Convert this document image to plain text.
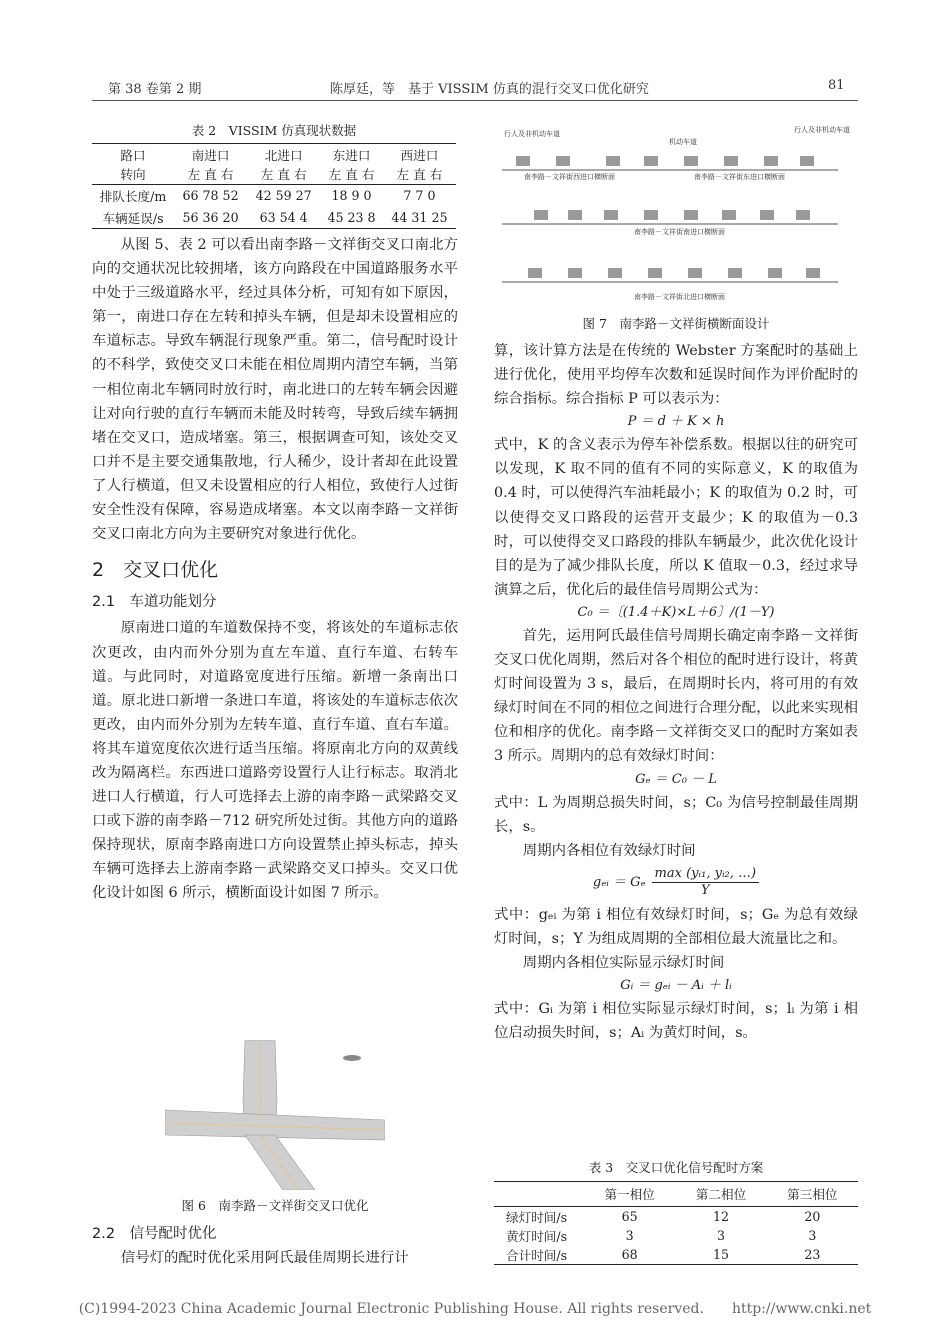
第 38 卷第 2 期	陈厚廷，等　基于 VISSIM 仿真的混行交叉口优化研究	81
表 2　VISSIM 仿真现状数据
路口	南进口	北进口	东进口	西进口
转向	左 直 右	左 直 右	左 直 右	左 直 右
排队长度/m	66 78 52	42 59 27	18 9 0	7 7 0
车辆延误/s	56 36 20	63 54 4	45 23 8	44 31 25

从图 5、表 2 可以看出南李路－文祥街交叉口南北方向的交通状况比较拥堵，该方向路段在中国道路服务水平中处于三级道路水平，经过具体分析，可知有如下原因，第一，南进口存在左转和掉头车辆，但是却未设置相应的车道标志。导致车辆混行现象严重。第二，信号配时设计的不科学，致使交叉口未能在相位周期内清空车辆，当第一相位南北车辆同时放行时，南北进口的左转车辆会因避让对向行驶的直行车辆而未能及时转弯，导致后续车辆拥堵在交叉口，造成堵塞。第三，根据调查可知，该处交叉口并不是主要交通集散地，行人稀少，设计者却在此设置了人行横道，但又未设置相应的行人相位，致使行人过街安全性没有保障，容易造成堵塞。本文以南李路－文祥街交叉口南北方向为主要研究对象进行优化。

2　交叉口优化
2.1　车道功能划分

原南进口道的车道数保持不变，将该处的车道标志依次更改，由内而外分别为直左车道、直行车道、右转车道。与此同时，对道路宽度进行压缩。新增一条南出口道。原北进口新增一条进口车道，将该处的车道标志依次更改，由内而外分别为左转车道、直行车道、直右车道。将其车道宽度依次进行适当压缩。将原南北方向的双黄线改为隔离栏。东西进口道路旁设置行人让行标志。取消北进口人行横道，行人可选择去上游的南李路－武梁路交叉口或下游的南李路－712 研究所处过街。其他方向的道路保持现状，原南李路南进口方向设置禁止掉头标志，掉头车辆可选择去上游南李路－武梁路交叉口掉头。交叉口优化设计如图 6 所示，横断面设计如图 7 所示。

图 6　南李路－文祥街交叉口优化
2.2　信号配时优化

信号灯的配时优化采用阿氏最佳周期长进行计

行人及非机动车道
机动车道
行人及非机动车道
南李路－文祥街西进口横断面	南李路－文祥街东进口横断面
南李路－文祥街南进口横断面
南李路－文祥街北进口横断面
图 7　南李路－文祥街横断面设计

算，该计算方法是在传统的 Webster 方案配时的基础上进行优化，使用平均停车次数和延误时间作为评价配时的综合指标。综合指标 P 可以表示为：

P ＝ d ＋ K × h

式中，K 的含义表示为停车补偿系数。根据以往的研究可以发现，K 取不同的值有不同的实际意义，K 的取值为 0.4 时，可以使得汽车油耗最小；K 的取值为 0.2 时，可以使得交叉口路段的运营开支最少；K 的取值为－0.3 时，可以使得交叉口路段的排队车辆最少，此次优化设计目的是为了减少排队长度，所以 K 值取－0.3，经过求导演算之后，优化后的最佳信号周期公式为：

C₀ ＝〔(1.4＋K)×L＋6〕/(1－Y)

首先，运用阿氏最佳信号周期长确定南李路－文祥街交叉口优化周期，然后对各个相位的配时进行设计，将黄灯时间设置为 3 s，最后，在周期时长内，将可用的有效绿灯时间在不同的相位之间进行合理分配，以此来实现相位和相序的优化。南李路－文祥街交叉口的配时方案如表 3 所示。周期内的总有效绿灯时间：

Gₑ ＝ C₀ － L

式中：L 为周期总损失时间，s；C₀ 为信号控制最佳周期长，s。

周期内各相位有效绿灯时间

gₑᵢ ＝ Gₑ
max (yᵢ₁, yᵢ₂, …)
Y

式中：gₑᵢ 为第 i 相位有效绿灯时间，s；Gₑ 为总有效绿灯时间，s；Y 为组成周期的全部相位最大流量比之和。

周期内各相位实际显示绿灯时间

Gᵢ ＝ gₑᵢ － Aᵢ ＋ lᵢ

式中：Gᵢ 为第 i 相位实际显示绿灯时间，s；lᵢ 为第 i 相位启动损失时间，s；Aᵢ 为黄灯时间，s。

表 3　交叉口优化信号配时方案
	第一相位	第二相位	第三相位
绿灯时间/s	65	12	20
黄灯时间/s	3	3	3
合计时间/s	68	15	23
(C)1994-2023 China Academic Journal Electronic Publishing House. All rights reserved.　　http://www.cnki.net
